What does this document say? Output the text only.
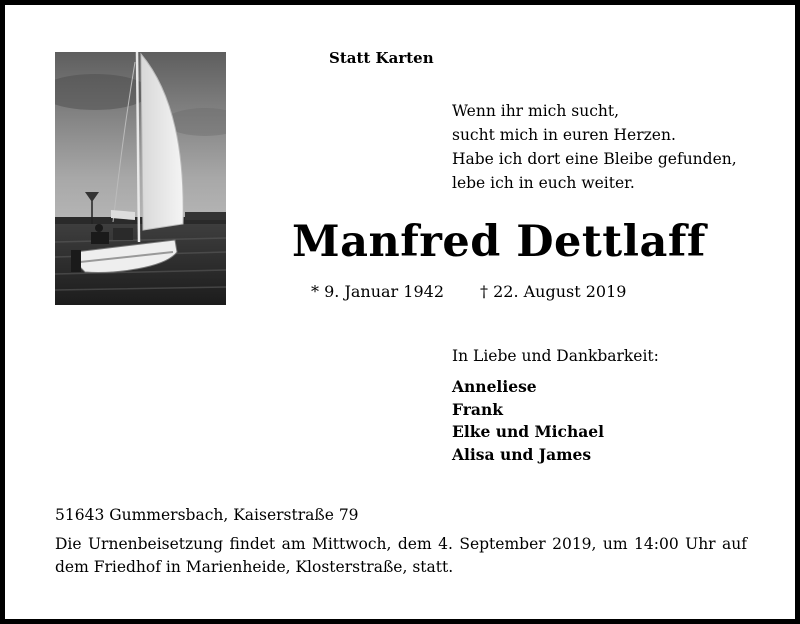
Statt Karten
Wenn ihr mich sucht,
sucht mich in euren Herzen.
Habe ich dort eine Bleibe gefunden,
lebe ich in euch weiter.
Manfred Dettlaff
* 9. Januar 1942 † 22. August 2019
In Liebe und Dankbarkeit:
Anneliese
Frank
Elke und Michael
Alisa und James
51643 Gummersbach, Kaiserstraße 79
Die Urnenbeisetzung findet am Mittwoch, dem 4. September 2019, um 14:00 Uhr auf dem Friedhof in Marienheide, Klosterstraße, statt.
